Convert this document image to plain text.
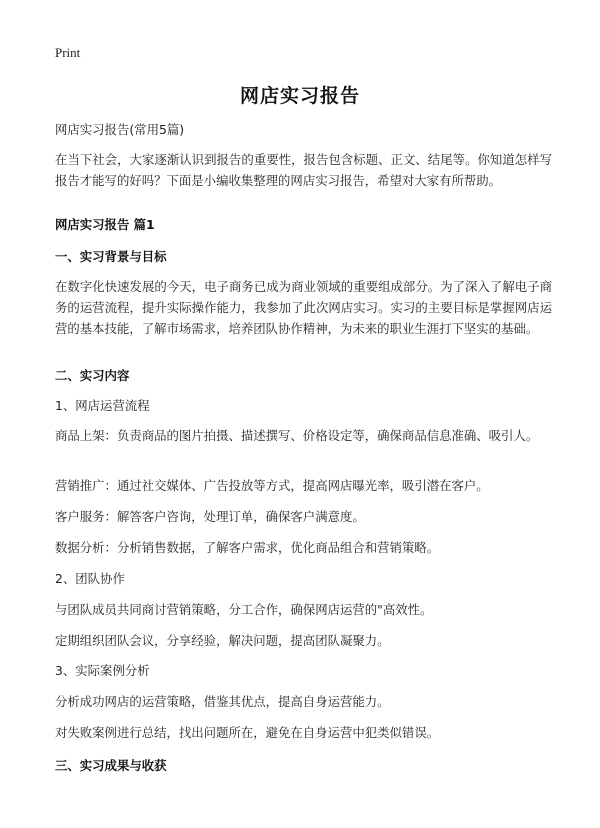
Print
网店实习报告
网店实习报告(常用5篇)
在当下社会，大家逐渐认识到报告的重要性，报告包含标题、正文、结尾等。你知道怎样写报告才能写的好吗？下面是小编收集整理的网店实习报告，希望对大家有所帮助。
网店实习报告 篇1
一、实习背景与目标
在数字化快速发展的今天，电子商务已成为商业领域的重要组成部分。为了深入了解电子商务的运营流程，提升实际操作能力，我参加了此次网店实习。实习的主要目标是掌握网店运营的基本技能，了解市场需求，培养团队协作精神，为未来的职业生涯打下坚实的基础。
二、实习内容
1、网店运营流程
商品上架：负责商品的图片拍摄、描述撰写、价格设定等，确保商品信息准确、吸引人。
营销推广：通过社交媒体、广告投放等方式，提高网店曝光率，吸引潜在客户。
客户服务：解答客户咨询，处理订单，确保客户满意度。
数据分析：分析销售数据，了解客户需求，优化商品组合和营销策略。
2、团队协作
与团队成员共同商讨营销策略，分工合作，确保网店运营的"高效性。
定期组织团队会议，分享经验，解决问题，提高团队凝聚力。
3、实际案例分析
分析成功网店的运营策略，借鉴其优点，提高自身运营能力。
对失败案例进行总结，找出问题所在，避免在自身运营中犯类似错误。
三、实习成果与收获
